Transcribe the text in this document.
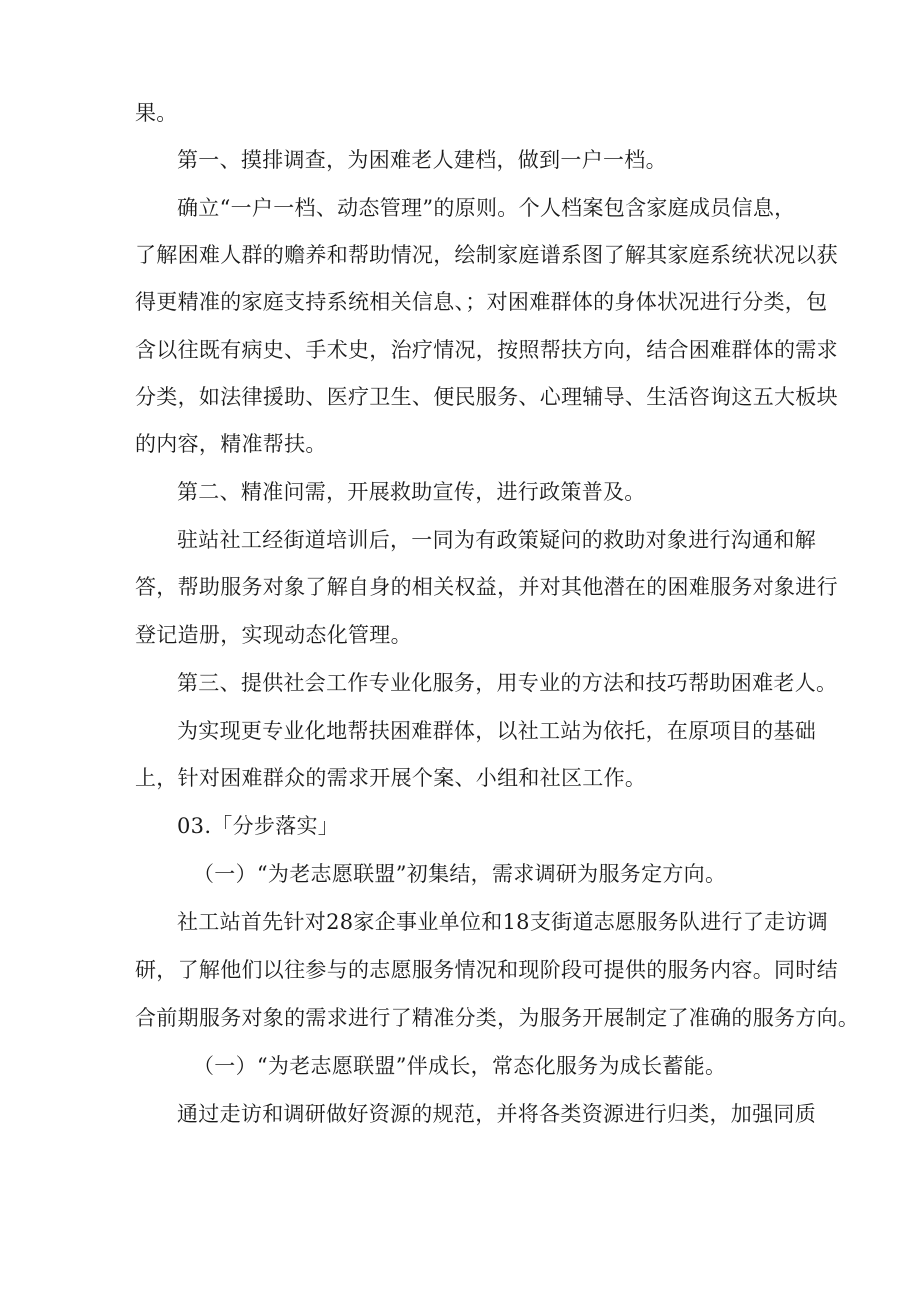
果。
第一、摸排调查，为困难老人建档，做到一户一档。
确立“一户一档、动态管理”的原则。个人档案包含家庭成员信息，
了解困难人群的赡养和帮助情况，绘制家庭谱系图了解其家庭系统状况以获
得更精准的家庭支持系统相关信息、；对困难群体的身体状况进行分类，包
含以往既有病史、手术史，治疗情况，按照帮扶方向，结合困难群体的需求
分类，如法律援助、医疗卫生、便民服务、心理辅导、生活咨询这五大板块
的内容，精准帮扶。
第二、精准问需，开展救助宣传，进行政策普及。
驻站社工经街道培训后，一同为有政策疑问的救助对象进行沟通和解
答，帮助服务对象了解自身的相关权益，并对其他潜在的困难服务对象进行
登记造册，实现动态化管理。
第三、提供社会工作专业化服务，用专业的方法和技巧帮助困难老人。
为实现更专业化地帮扶困难群体，以社工站为依托，在原项目的基础
上，针对困难群众的需求开展个案、小组和社区工作。
03.「分步落实」
（一）“为老志愿联盟”初集结，需求调研为服务定方向。
社工站首先针对28家企事业单位和18支街道志愿服务队进行了走访调
研，了解他们以往参与的志愿服务情况和现阶段可提供的服务内容。同时结
合前期服务对象的需求进行了精准分类，为服务开展制定了准确的服务方向。
（一）“为老志愿联盟”伴成长，常态化服务为成长蓄能。
通过走访和调研做好资源的规范，并将各类资源进行归类，加强同质
